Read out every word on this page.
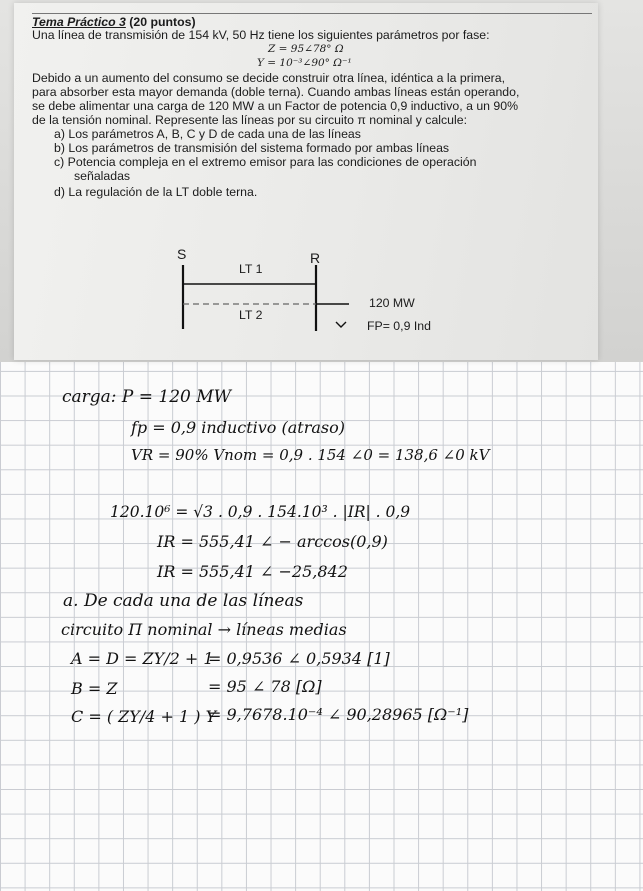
Tema Práctico 3 (20 puntos)
Una línea de transmisión de 154 kV, 50 Hz tiene los siguientes parámetros por fase:
Z = 95∠78° Ω
Y = 10⁻³∠90° Ω⁻¹
Debido a un aumento del consumo se decide construir otra línea, idéntica a la primera,
para absorber esta mayor demanda (doble terna). Cuando ambas líneas están operando,
se debe alimentar una carga de 120 MW a un Factor de potencia 0,9 inductivo, a un 90%
de la tensión nominal. Represente las líneas por su circuito π nominal y calcule:
a) Los parámetros A, B, C y D de cada una de las líneas
b) Los parámetros de transmisión del sistema formado por ambas líneas
c) Potencia compleja en el extremo emisor para las condiciones de operación
señaladas
d) La regulación de la LT doble terna.
S	R
LT 1
LT 2
120 MW
FP= 0,9 Ind
carga: P = 120 MW
fp = 0,9 inductivo (atraso)
VR = 90% Vnom = 0,9 . 154 ∠0 = 138,6 ∠0 kV
120.10⁶ = √3 . 0,9 . 154.10³ . |IR| . 0,9
IR = 555,41 ∠ − arccos(0,9)
IR = 555,41 ∠ −25,842
a. De cada una de las líneas
circuito Π nominal → líneas medias
A = D = ZY/2 + 1
= 0,9536 ∠ 0,5934 [1]
B = Z	= 95 ∠ 78 [Ω]
C = ( ZY/4 + 1 ) Y
= 9,7678.10⁻⁴ ∠ 90,28965 [Ω⁻¹]
